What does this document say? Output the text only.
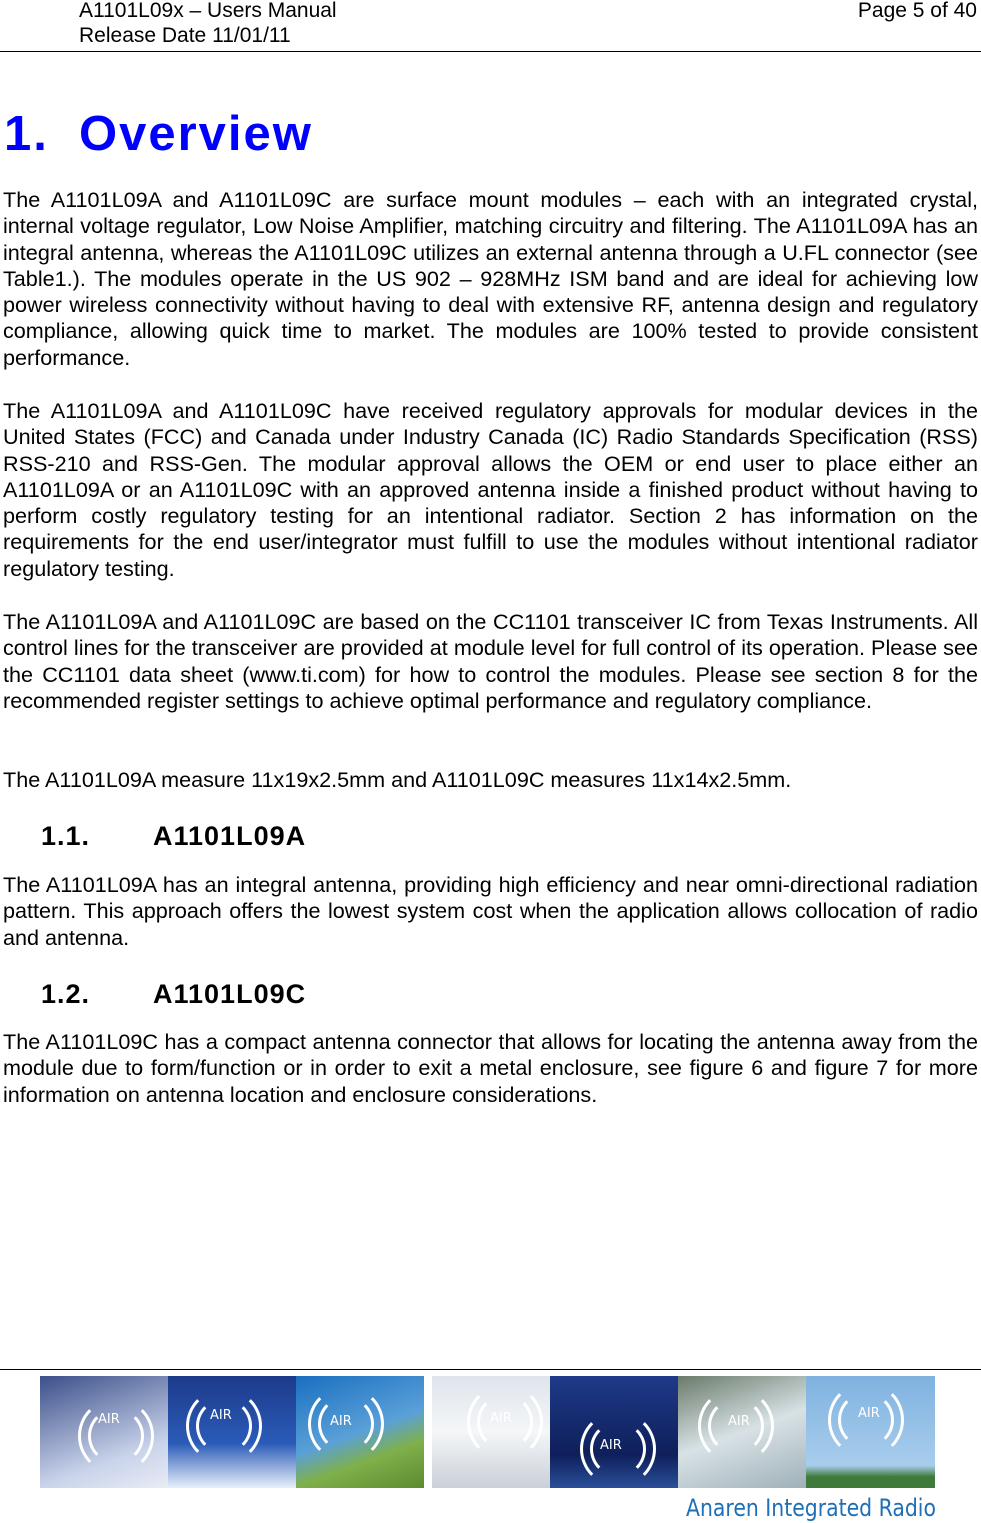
A1101L09x – Users Manual
Release Date 11/01/11
Page 5 of 40
1. Overview

The A1101L09A and A1101L09C are surface mount modules – each with an integrated crystal, internal voltage regulator, Low Noise Amplifier, matching circuitry and filtering. The A1101L09A has an integral antenna, whereas the A1101L09C utilizes an external antenna through a U.FL connector (see Table1.). The modules operate in the US 902 – 928MHz ISM band and are ideal for achieving low power wireless connectivity without having to deal with extensive RF, antenna design and regulatory compliance, allowing quick time to market. The modules are 100% tested to provide consistent performance.

The A1101L09A and A1101L09C have received regulatory approvals for modular devices in the United States (FCC) and Canada under Industry Canada (IC) Radio Standards Specification (RSS) RSS-210 and RSS-Gen. The modular approval allows the OEM or end user to place either an A1101L09A or an A1101L09C with an approved antenna inside a finished product without having to perform costly regulatory testing for an intentional radiator. Section 2 has information on the requirements for the end user/integrator must fulfill to use the modules without intentional radiator regulatory testing.

The A1101L09A and A1101L09C are based on the CC1101 transceiver IC from Texas Instruments. All control lines for the transceiver are provided at module level for full control of its operation. Please see the CC1101 data sheet (www.ti.com) for how to control the modules. Please see section 8 for the recommended register settings to achieve optimal performance and regulatory compliance.

The A1101L09A measure 11x19x2.5mm and A1101L09C measures 11x14x2.5mm.

1.1. A1101L09A

The A1101L09A has an integral antenna, providing high efficiency and near omni-directional radiation pattern. This approach offers the lowest system cost when the application allows collocation of radio and antenna.

1.2. A1101L09C

The A1101L09C has a compact antenna connector that allows for locating the antenna away from the module due to form/function or in order to exit a metal enclosure, see figure 6 and figure 7 for more information on antenna location and enclosure considerations.

AIR	AIR	AIR	AIR
AIR
AIR
AIR
Anaren Integrated Radio
